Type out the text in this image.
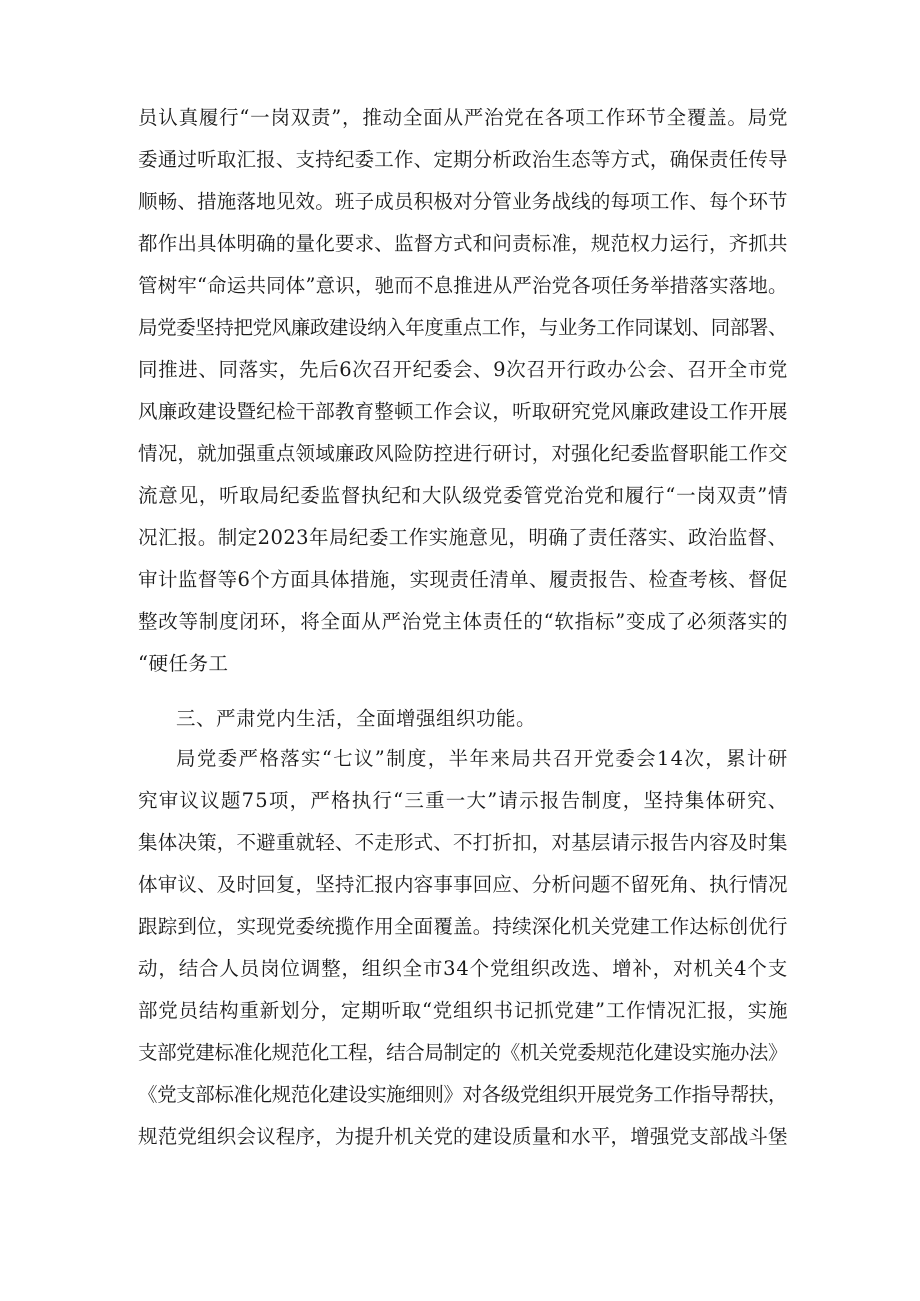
员认真履行“一岗双责”，推动全面从严治党在各项工作环节全覆盖。局党
委通过听取汇报、支持纪委工作、定期分析政治生态等方式，确保责任传导
顺畅、措施落地见效。班子成员积极对分管业务战线的每项工作、每个环节
都作出具体明确的量化要求、监督方式和问责标准，规范权力运行，齐抓共
管树牢“命运共同体”意识，驰而不息推进从严治党各项任务举措落实落地。
局党委坚持把党风廉政建设纳入年度重点工作，与业务工作同谋划、同部署、
同推进、同落实，先后6次召开纪委会、9次召开行政办公会、召开全市党
风廉政建设暨纪检干部教育整顿工作会议，听取研究党风廉政建设工作开展
情况，就加强重点领域廉政风险防控进行研讨，对强化纪委监督职能工作交
流意见，听取局纪委监督执纪和大队级党委管党治党和履行“一岗双责”情
况汇报。制定2023年局纪委工作实施意见，明确了责任落实、政治监督、
审计监督等6个方面具体措施，实现责任清单、履责报告、检查考核、督促
整改等制度闭环，将全面从严治党主体责任的“软指标”变成了必须落实的
“硬任务工
三、严肃党内生活，全面增强组织功能。
局党委严格落实“七议”制度，半年来局共召开党委会14次，累计研
究审议议题75项，严格执行“三重一大”请示报告制度，坚持集体研究、
集体决策，不避重就轻、不走形式、不打折扣，对基层请示报告内容及时集
体审议、及时回复，坚持汇报内容事事回应、分析问题不留死角、执行情况
跟踪到位，实现党委统揽作用全面覆盖。持续深化机关党建工作达标创优行
动，结合人员岗位调整，组织全市34个党组织改选、增补，对机关4个支
部党员结构重新划分，定期听取“党组织书记抓党建”工作情况汇报，实施
支部党建标准化规范化工程，结合局制定的《机关党委规范化建设实施办法》
《党支部标准化规范化建设实施细则》对各级党组织开展党务工作指导帮扶，
规范党组织会议程序，为提升机关党的建设质量和水平，增强党支部战斗堡
